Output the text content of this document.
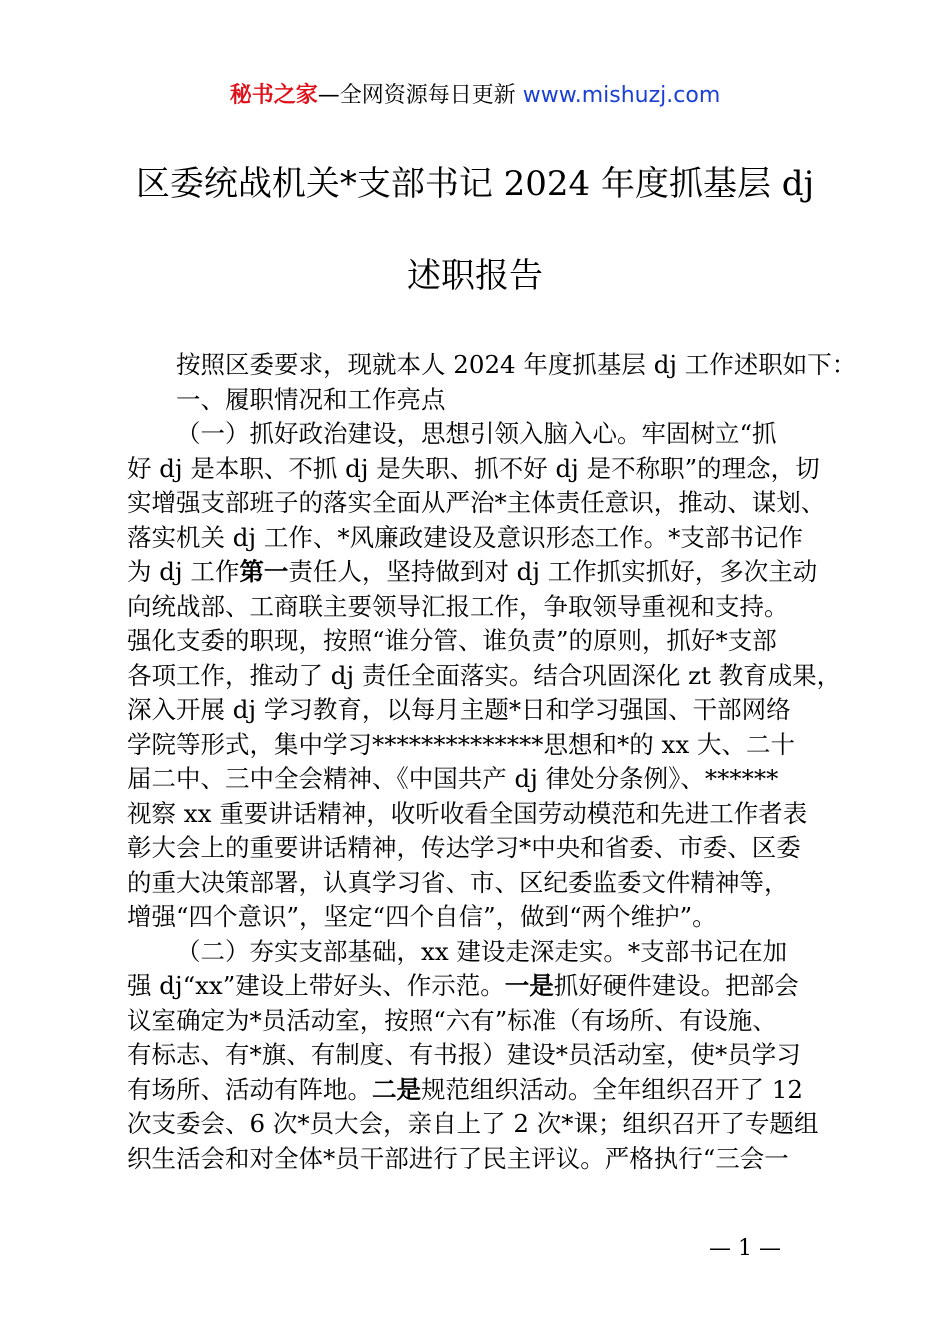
秘书之家—全网资源每日更新 www.mishuzj.com
区委统战机关*支部书记 2024 年度抓基层 dj
述职报告
按照区委要求，现就本人 2024 年度抓基层 dj 工作述职如下：
一、履职情况和工作亮点
（一）抓好政治建设，思想引领入脑入心。牢固树立“抓
好 dj 是本职、不抓 dj 是失职、抓不好 dj 是不称职”的理念，切
实增强支部班子的落实全面从严治*主体责任意识，推动、谋划、
落实机关 dj 工作、*风廉政建设及意识形态工作。*支部书记作
为 dj 工作第一责任人，坚持做到对 dj 工作抓实抓好，多次主动
向统战部、工商联主要领导汇报工作，争取领导重视和支持。
强化支委的职现，按照“谁分管、谁负责”的原则，抓好*支部
各项工作，推动了 dj 责任全面落实。结合巩固深化 zt 教育成果，
深入开展 dj 学习教育，以每月主题*日和学习强国、干部网络
学院等形式，集中学习**************思想和*的 xx 大、二十
届二中、三中全会精神、《中国共产 dj 律处分条例》、******
视察 xx 重要讲话精神，收听收看全国劳动模范和先进工作者表
彰大会上的重要讲话精神，传达学习*中央和省委、市委、区委
的重大决策部署，认真学习省、市、区纪委监委文件精神等，
增强“四个意识”，坚定“四个自信”，做到“两个维护”。
（二）夯实支部基础，xx 建设走深走实。*支部书记在加
强 dj“xx”建设上带好头、作示范。一是抓好硬件建设。把部会
议室确定为*员活动室，按照“六有”标准（有场所、有设施、
有标志、有*旗、有制度、有书报）建设*员活动室，使*员学习
有场所、活动有阵地。二是规范组织活动。全年组织召开了 12
次支委会、6 次*员大会，亲自上了 2 次*课；组织召开了专题组
织生活会和对全体*员干部进行了民主评议。严格执行“三会一
— 1 —
